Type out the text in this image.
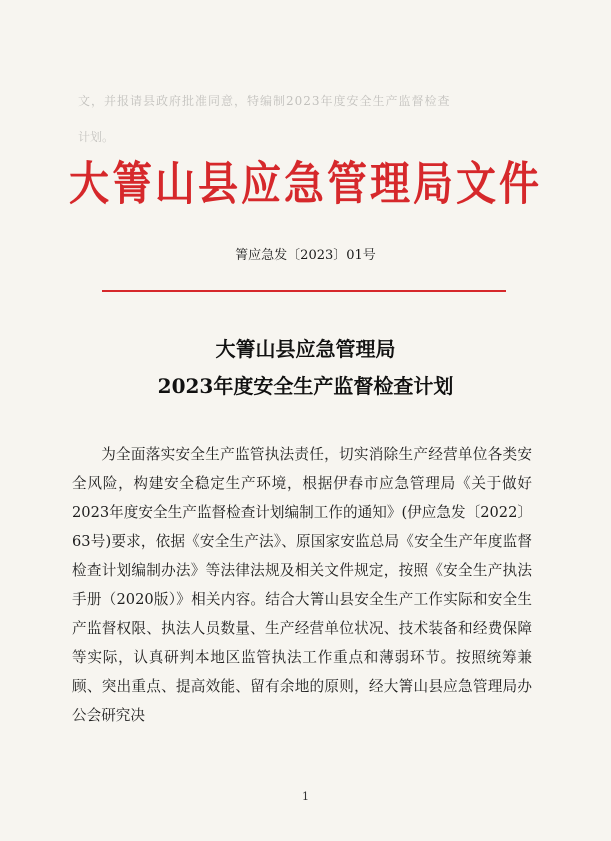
文，并报请县政府批准同意，特编制2023年度安全生产监督检查
计划。
大箐山县应急管理局文件
箐应急发〔2023〕01号
大箐山县应急管理局
2023年度安全生产监督检查计划

为全面落实安全生产监管执法责任，切实消除生产经营单位各类安全风险，构建安全稳定生产环境，根据伊春市应急管理局《关于做好2023年度安全生产监督检查计划编制工作的通知》(伊应急发〔2022〕63号)要求，依据《安全生产法》、原国家安监总局《安全生产年度监督检查计划编制办法》等法律法规及相关文件规定，按照《安全生产执法手册（2020版）》相关内容。结合大箐山县安全生产工作实际和安全生产监督权限、执法人员数量、生产经营单位状况、技术装备和经费保障等实际，认真研判本地区监管执法工作重点和薄弱环节。按照统筹兼顾、突出重点、提高效能、留有余地的原则，经大箐山县应急管理局办公会研究决

1
